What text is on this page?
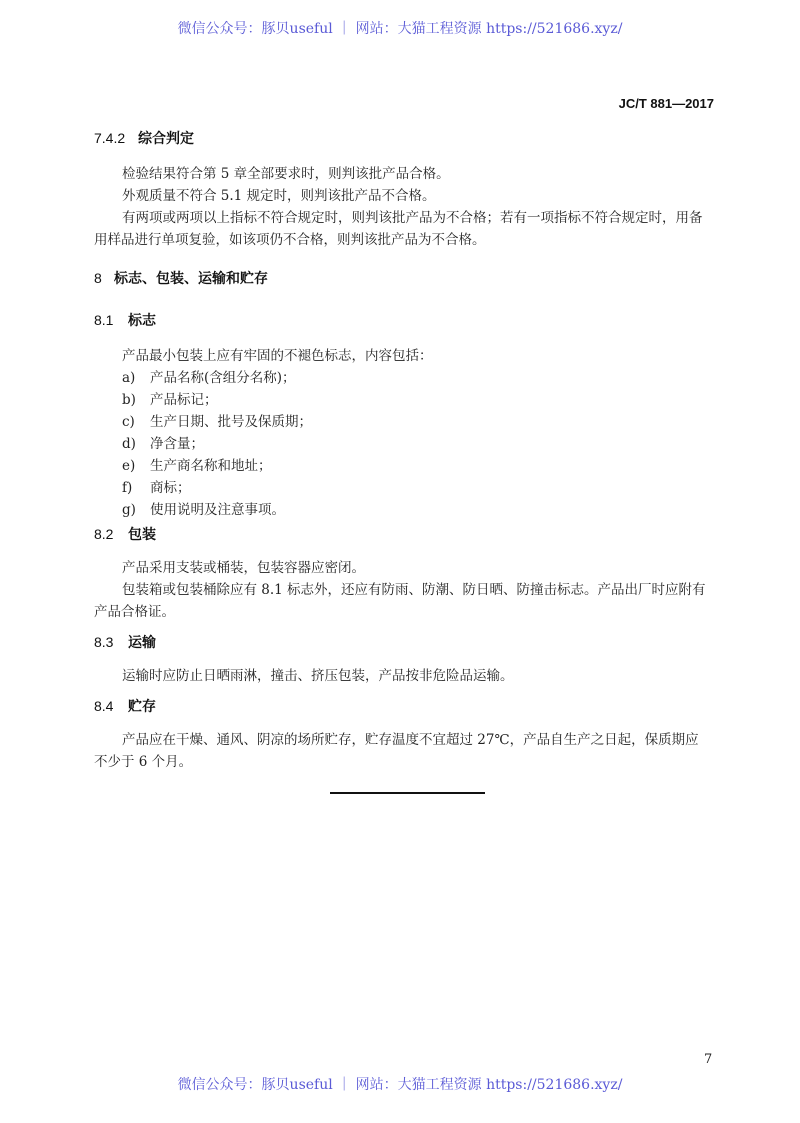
微信公众号：豚贝useful ｜ 网站：大猫工程资源 https://521686.xyz/
JC/T 881—2017
7.4.2 综合判定
检验结果符合第 5 章全部要求时，则判该批产品合格。
外观质量不符合 5.1 规定时，则判该批产品不合格。
有两项或两项以上指标不符合规定时，则判该批产品为不合格；若有一项指标不符合规定时，用备
用样品进行单项复验，如该项仍不合格，则判该批产品为不合格。
8 标志、包装、运输和贮存
8.1 标志
产品最小包装上应有牢固的不褪色标志，内容包括：
a) 产品名称(含组分名称)；
b) 产品标记；
c) 生产日期、批号及保质期；
d) 净含量；
e) 生产商名称和地址；
f) 商标；
g) 使用说明及注意事项。
8.2 包装
产品采用支装或桶装，包装容器应密闭。
包装箱或包装桶除应有 8.1 标志外，还应有防雨、防潮、防日晒、防撞击标志。产品出厂时应附有
产品合格证。
8.3 运输
运输时应防止日晒雨淋，撞击、挤压包装，产品按非危险品运输。
8.4 贮存
产品应在干燥、通风、阴凉的场所贮存，贮存温度不宜超过 27℃，产品自生产之日起，保质期应
不少于 6 个月。
7
微信公众号：豚贝useful ｜ 网站：大猫工程资源 https://521686.xyz/
